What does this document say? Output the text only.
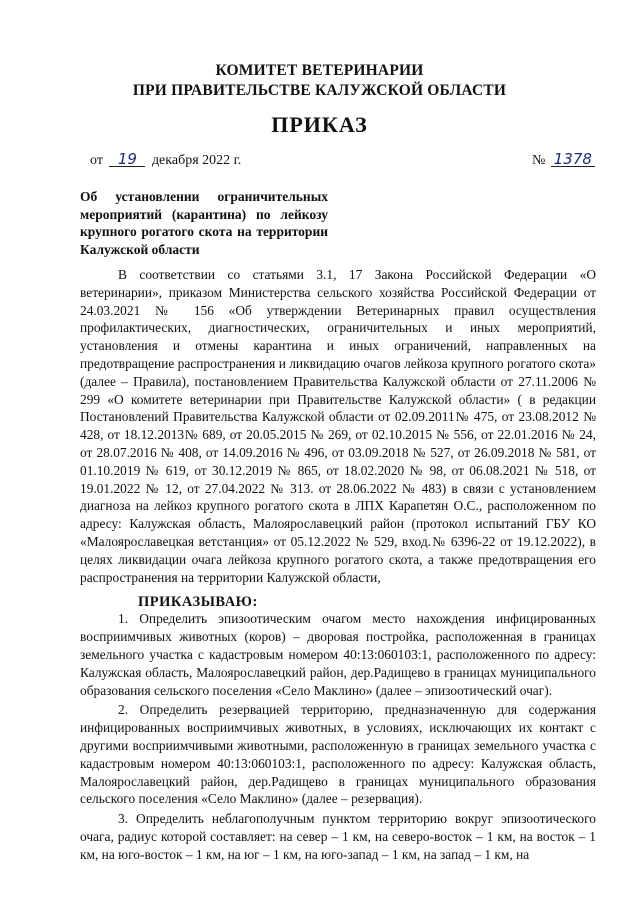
КОМИТЕТ ВЕТЕРИНАРИИ
ПРИ ПРАВИТЕЛЬСТВЕ КАЛУЖСКОЙ ОБЛАСТИ
ПРИКАЗ
от 19 декабря 2022 г.	№ 1378
Об установлении ограничительных мероприятий (карантина) по лейкозу крупного рогатого скота на территории Калужской области

В соответствии со статьями 3.1, 17 Закона Российской Федерации «О ветеринарии», приказом Министерства сельского хозяйства Российской Федерации от 24.03.2021 № 156 «Об утверждении Ветеринарных правил осуществления профилактических, диагностических, ограничительных и иных мероприятий, установления и отмены карантина и иных ограничений, направленных на предотвращение распространения и ликвидацию очагов лейкоза крупного рогатого скота» (далее – Правила), постановлением Правительства Калужской области от 27.11.2006 № 299 «О комитете ветеринарии при Правительстве Калужской области» ( в редакции Постановлений Правительства Калужской области от 02.09.2011№ 475, от 23.08.2012 № 428, от 18.12.2013№ 689, от 20.05.2015 № 269, от 02.10.2015 № 556, от 22.01.2016 № 24, от 28.07.2016 № 408, от 14.09.2016 № 496, от 03.09.2018 № 527, от 26.09.2018 № 581, от 01.10.2019 № 619, от 30.12.2019 № 865, от 18.02.2020 № 98, от 06.08.2021 № 518, от 19.01.2022 № 12, от 27.04.2022 № 313. от 28.06.2022 № 483) в связи с установлением диагноза на лейкоз крупного рогатого скота в ЛПХ Карапетян О.С., расположенном по адресу: Калужская область, Малоярославецкий район (протокол испытаний ГБУ КО «Малоярославецкая ветстанция» от 05.12.2022 № 529, вход.№ 6396-22 от 19.12.2022), в целях ликвидации очага лейкоза крупного рогатого скота, а также предотвращения его распространения на территории Калужской области,

ПРИКАЗЫВАЮ:

1. Определить эпизоотическим очагом место нахождения инфицированных восприимчивых животных (коров) – дворовая постройка, расположенная в границах земельного участка с кадастровым номером 40:13:060103:1, расположенного по адресу: Калужская область, Малоярославецкий район, дер.Радищево в границах муниципального образования сельского поселения «Село Маклино» (далее – эпизоотический очаг).

2. Определить резервацией территорию, предназначенную для содержания инфицированных восприимчивых животных, в условиях, исключающих их контакт с другими восприимчивыми животными, расположенную в границах земельного участка с кадастровым номером 40:13:060103:1, расположенного по адресу: Калужская область, Малоярославецкий район, дер.Радищево в границах муниципального образования сельского поселения «Село Маклино» (далее – резервация).

3. Определить неблагополучным пунктом территорию вокруг эпизоотического очага, радиус которой составляет: на север – 1 км, на северо-восток – 1 км, на восток – 1 км, на юго-восток – 1 км, на юг – 1 км, на юго-запад – 1 км, на запад – 1 км, на
